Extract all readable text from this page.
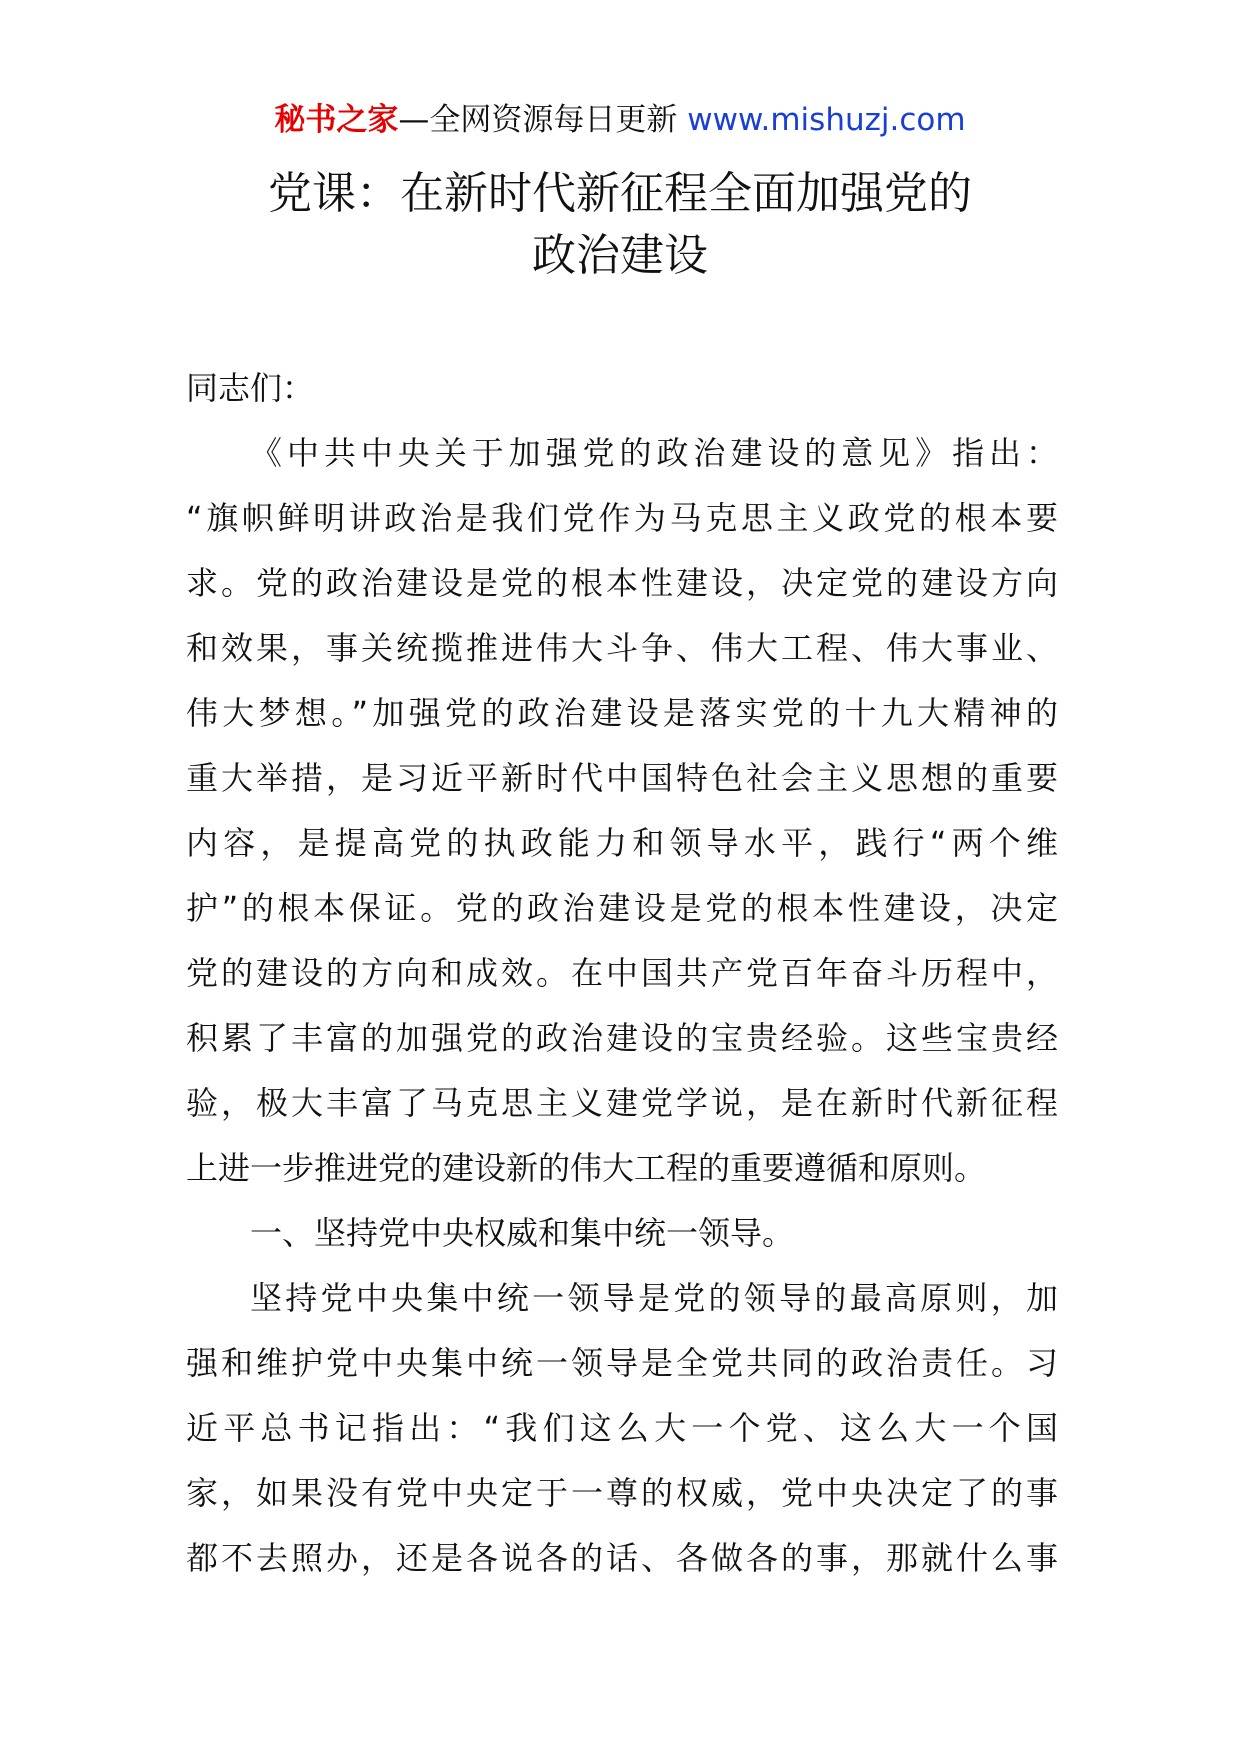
秘书之家—全网资源每日更新 www.mishuzj.com
党课：在新时代新征程全面加强党的
政治建设
同志们：
《中共中央关于加强党的政治建设的意见》指出：
“旗帜鲜明讲政治是我们党作为马克思主义政党的根本要
求。党的政治建设是党的根本性建设，决定党的建设方向
和效果，事关统揽推进伟大斗争、伟大工程、伟大事业、
伟大梦想。”加强党的政治建设是落实党的十九大精神的
重大举措，是习近平新时代中国特色社会主义思想的重要
内容，是提高党的执政能力和领导水平，践行“两个维
护”的根本保证。党的政治建设是党的根本性建设，决定
党的建设的方向和成效。在中国共产党百年奋斗历程中，
积累了丰富的加强党的政治建设的宝贵经验。这些宝贵经
验，极大丰富了马克思主义建党学说，是在新时代新征程
上进一步推进党的建设新的伟大工程的重要遵循和原则。
一、坚持党中央权威和集中统一领导。
坚持党中央集中统一领导是党的领导的最高原则，加
强和维护党中央集中统一领导是全党共同的政治责任。习
近平总书记指出：“我们这么大一个党、这么大一个国
家，如果没有党中央定于一尊的权威，党中央决定了的事
都不去照办，还是各说各的话、各做各的事，那就什么事
